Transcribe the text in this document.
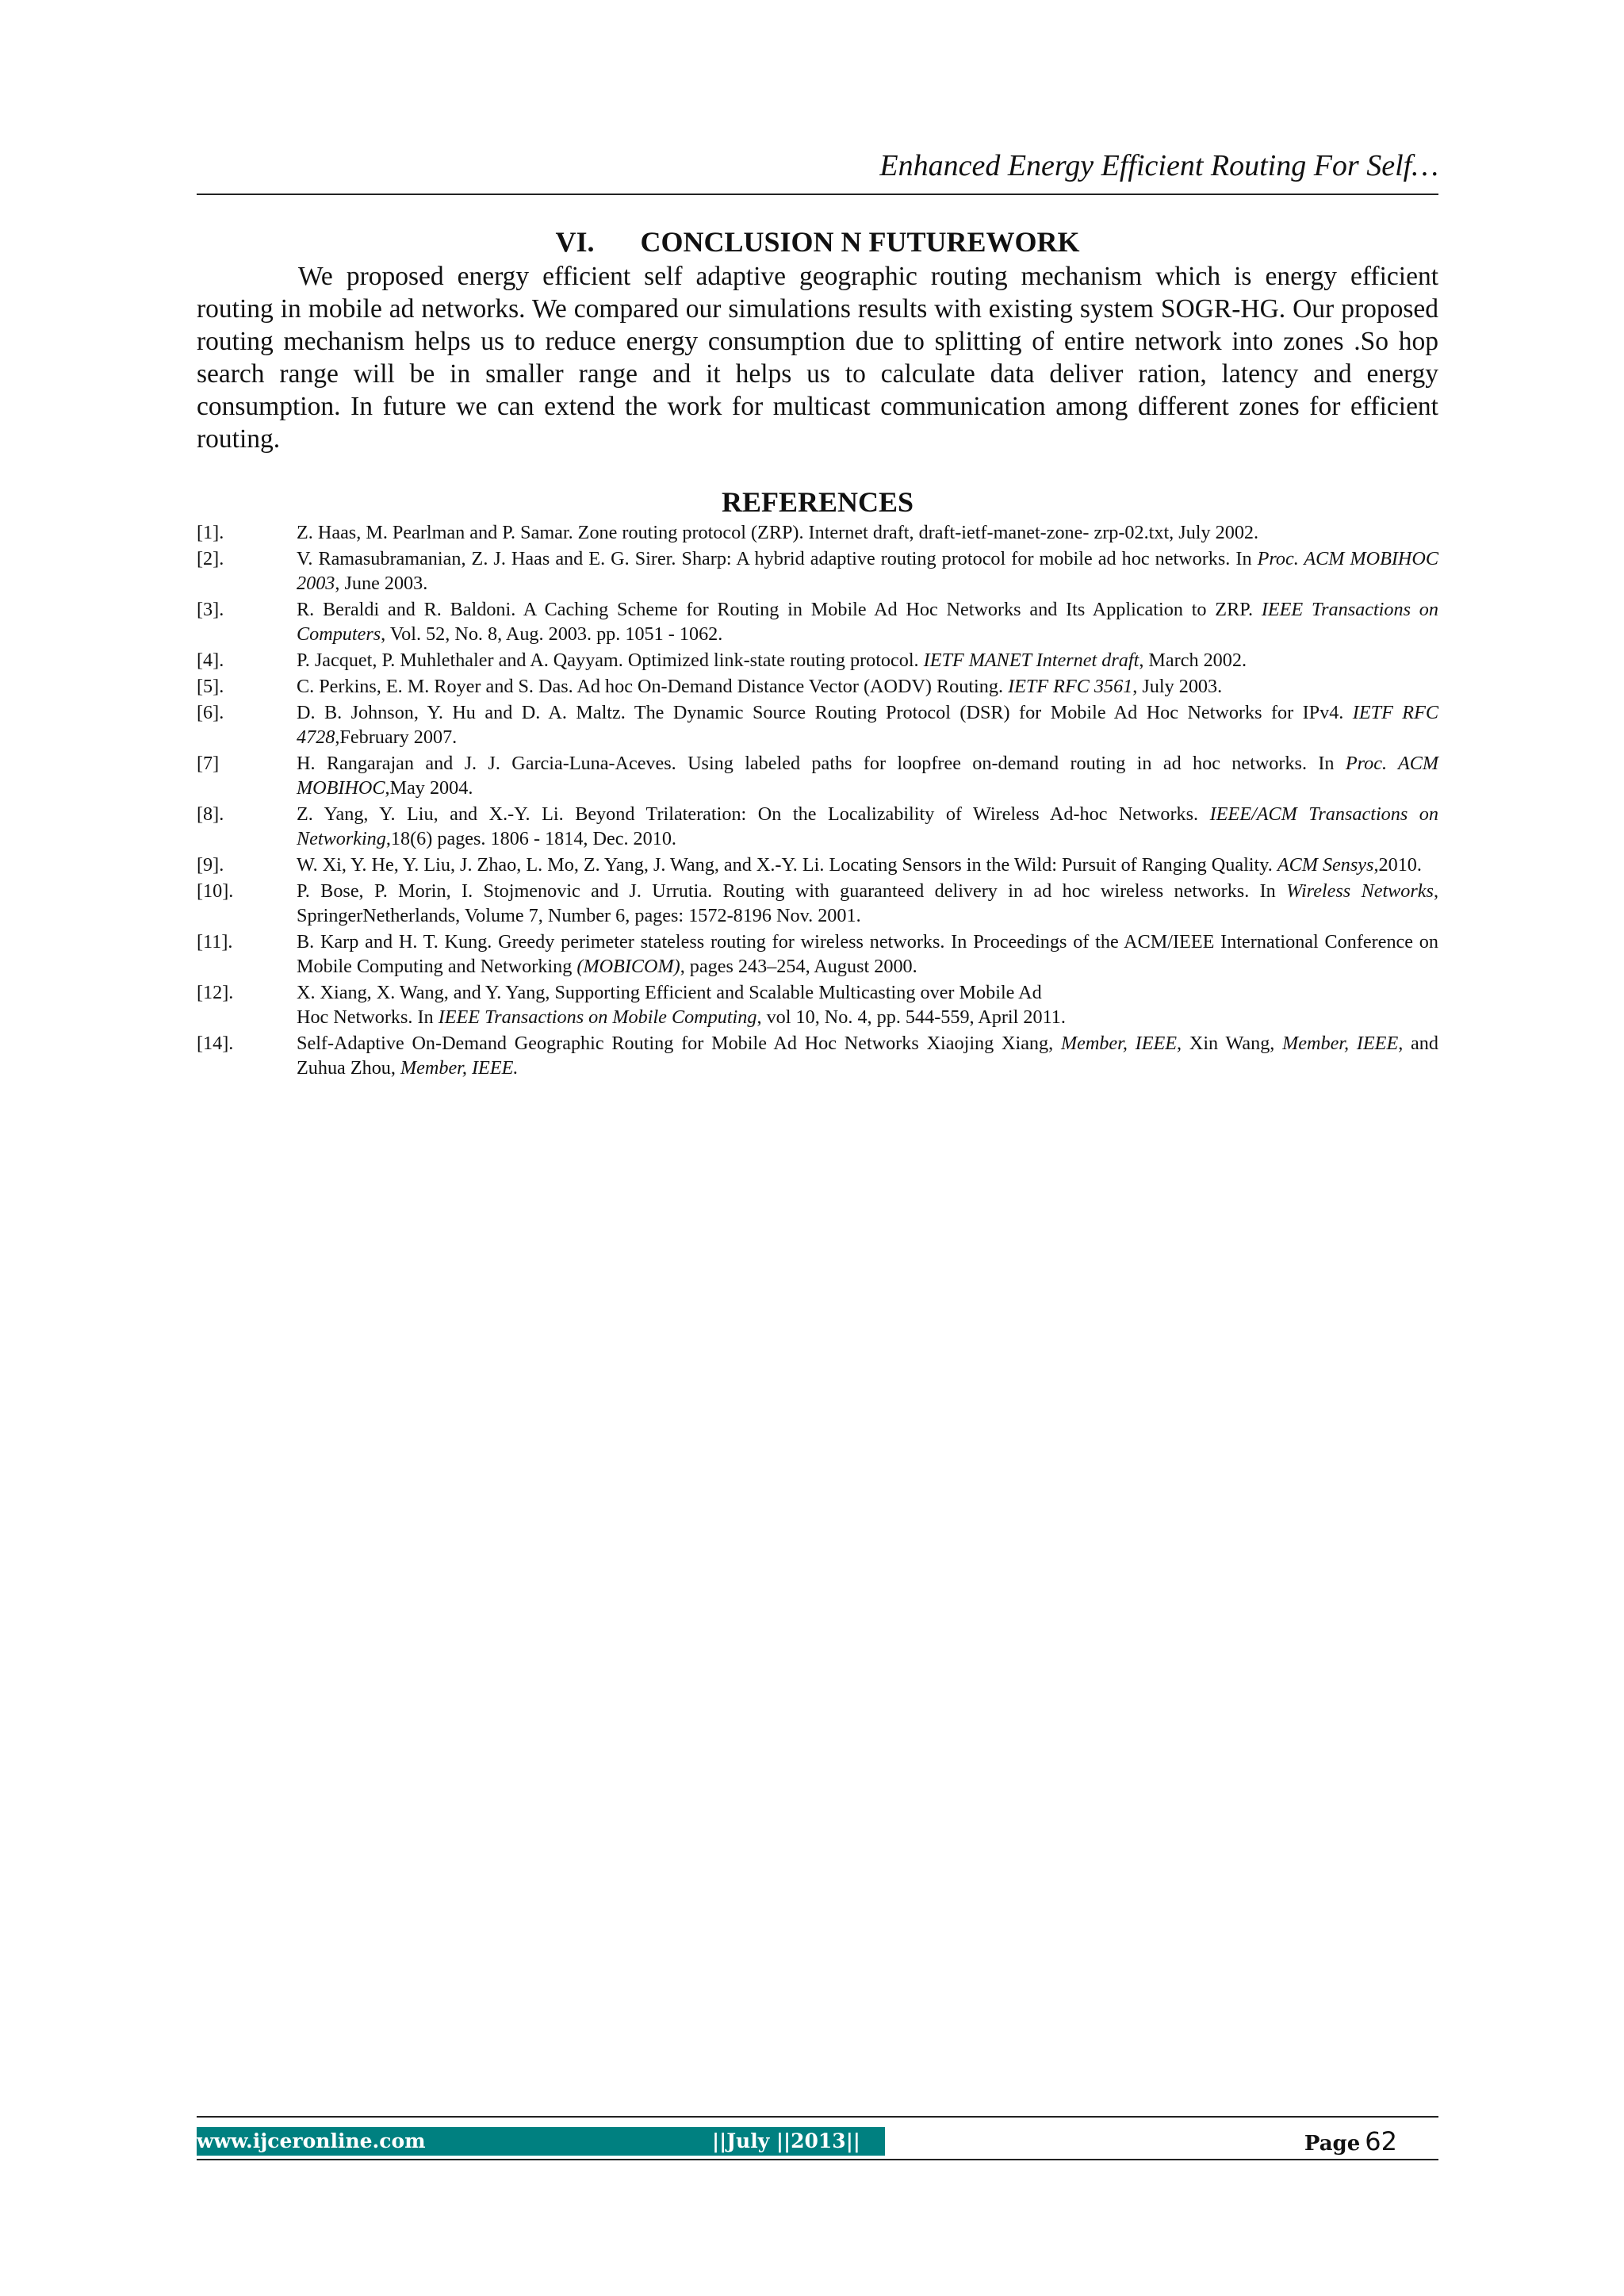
Enhanced Energy Efficient Routing For Self…
VI. CONCLUSION N FUTUREWORK

We proposed energy efficient self adaptive geographic routing mechanism which is energy efficient routing in mobile ad networks. We compared our simulations results with existing system SOGR-HG. Our proposed routing mechanism helps us to reduce energy consumption due to splitting of entire network into zones .So hop search range will be in smaller range and it helps us to calculate data deliver ration, latency and energy consumption. In future we can extend the work for multicast communication among different zones for efficient routing.

REFERENCES
[1].	Z. Haas, M. Pearlman and P. Samar. Zone routing protocol (ZRP). Internet draft, draft-ietf-manet-zone- zrp-02.txt, July 2002.
[2].	V. Ramasubramanian, Z. J. Haas and E. G. Sirer. Sharp: A hybrid adaptive routing protocol for mobile ad hoc networks. In Proc. ACM MOBIHOC 2003, June 2003.
[3].	R. Beraldi and R. Baldoni. A Caching Scheme for Routing in Mobile Ad Hoc Networks and Its Application to ZRP. IEEE Transactions on Computers, Vol. 52, No. 8, Aug. 2003. pp. 1051 - 1062.
[4].	P. Jacquet, P. Muhlethaler and A. Qayyam. Optimized link-state routing protocol. IETF MANET Internet draft, March 2002.
[5].	C. Perkins, E. M. Royer and S. Das. Ad hoc On-Demand Distance Vector (AODV) Routing. IETF RFC 3561, July 2003.
[6].	D. B. Johnson, Y. Hu and D. A. Maltz. The Dynamic Source Routing Protocol (DSR) for Mobile Ad Hoc Networks for IPv4. IETF RFC 4728,February 2007.
[7]	H. Rangarajan and J. J. Garcia-Luna-Aceves. Using labeled paths for loopfree on-demand routing in ad hoc networks. In Proc. ACM MOBIHOC,May 2004.
[8].	Z. Yang, Y. Liu, and X.-Y. Li. Beyond Trilateration: On the Localizability of Wireless Ad-hoc Networks. IEEE/ACM Transactions on Networking,18(6) pages. 1806 - 1814, Dec. 2010.
[9].	W. Xi, Y. He, Y. Liu, J. Zhao, L. Mo, Z. Yang, J. Wang, and X.-Y. Li. Locating Sensors in the Wild: Pursuit of Ranging Quality. ACM Sensys,2010.
[10].	P. Bose, P. Morin, I. Stojmenovic and J. Urrutia. Routing with guaranteed delivery in ad hoc wireless networks. In Wireless Networks, SpringerNetherlands, Volume 7, Number 6, pages: 1572-8196 Nov. 2001.
[11].	B. Karp and H. T. Kung. Greedy perimeter stateless routing for wireless networks. In Proceedings of the ACM/IEEE International Conference on Mobile Computing and Networking (MOBICOM), pages 243–254, August 2000.
[12].	X. Xiang, X. Wang, and Y. Yang, Supporting Efficient and Scalable Multicasting over Mobile Ad
Hoc Networks. In IEEE Transactions on Mobile Computing, vol 10, No. 4, pp. 544-559, April 2011.
[14].	Self-Adaptive On-Demand Geographic Routing for Mobile Ad Hoc Networks Xiaojing Xiang, Member, IEEE, Xin Wang, Member, IEEE, and Zuhua Zhou, Member, IEEE.
www.ijceronline.com	||July ||2013||	Page 62
